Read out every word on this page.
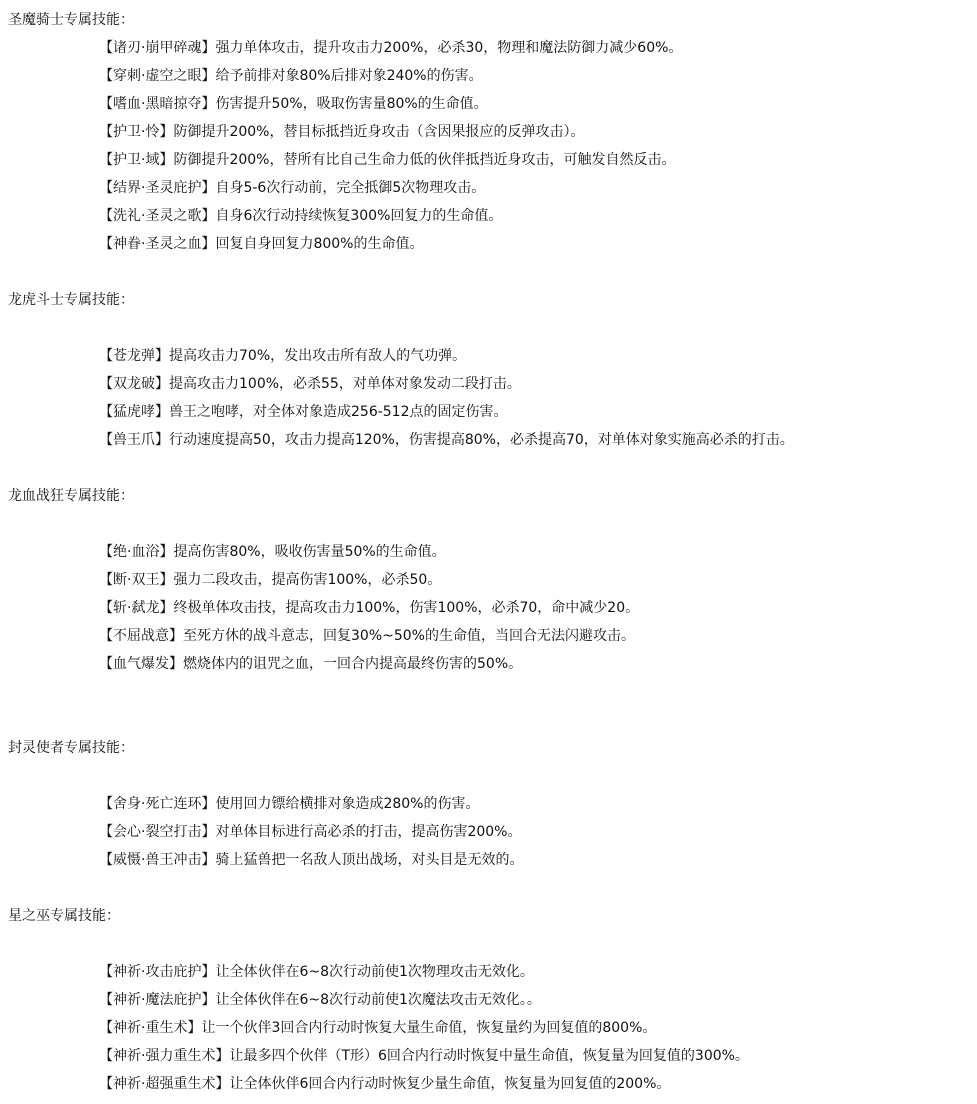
圣魔骑士专属技能：
【诸刃·崩甲碎魂】强力单体攻击，提升攻击力200%，必杀30，物理和魔法防御力减少60%。
【穿刺·虚空之眼】给予前排对象80%后排对象240%的伤害。
【嗜血·黑暗掠夺】伤害提升50%，吸取伤害量80%的生命值。
【护卫·怜】防御提升200%，替目标抵挡近身攻击（含因果报应的反弹攻击）。
【护卫·域】防御提升200%，替所有比自己生命力低的伙伴抵挡近身攻击，可触发自然反击。
【结界·圣灵庇护】自身5-6次行动前，完全抵御5次物理攻击。
【洗礼·圣灵之歌】自身6次行动持续恢复300%回复力的生命值。
【神眷·圣灵之血】回复自身回复力800%的生命值。
龙虎斗士专属技能：
【苍龙弹】提高攻击力70%，发出攻击所有敌人的气功弹。
【双龙破】提高攻击力100%，必杀55，对单体对象发动二段打击。
【猛虎哮】兽王之咆哮，对全体对象造成256-512点的固定伤害。
【兽王爪】行动速度提高50，攻击力提高120%，伤害提高80%，必杀提高70，对单体对象实施高必杀的打击。
龙血战狂专属技能：
【绝·血浴】提高伤害80%，吸收伤害量50%的生命值。
【断·双王】强力二段攻击，提高伤害100%，必杀50。
【斩·弑龙】终极单体攻击技，提高攻击力100%，伤害100%，必杀70，命中减少20。
【不屈战意】至死方休的战斗意志，回复30%~50%的生命值，当回合无法闪避攻击。
【血气爆发】燃烧体内的诅咒之血，一回合内提高最终伤害的50%。
封灵使者专属技能：
【舍身·死亡连环】使用回力镖给横排对象造成280%的伤害。
【会心·裂空打击】对单体目标进行高必杀的打击，提高伤害200%。
【威慑·兽王冲击】骑上猛兽把一名敌人顶出战场，对头目是无效的。
星之巫专属技能：
【神祈·攻击庇护】让全体伙伴在6~8次行动前使1次物理攻击无效化。
【神祈·魔法庇护】让全体伙伴在6~8次行动前使1次魔法攻击无效化。。
【神祈·重生术】让一个伙伴3回合内行动时恢复大量生命值，恢复量约为回复值的800%。
【神祈·强力重生术】让最多四个伙伴（T形）6回合内行动时恢复中量生命值，恢复量为回复值的300%。
【神祈·超强重生术】让全体伙伴6回合内行动时恢复少量生命值，恢复量为回复值的200%。
